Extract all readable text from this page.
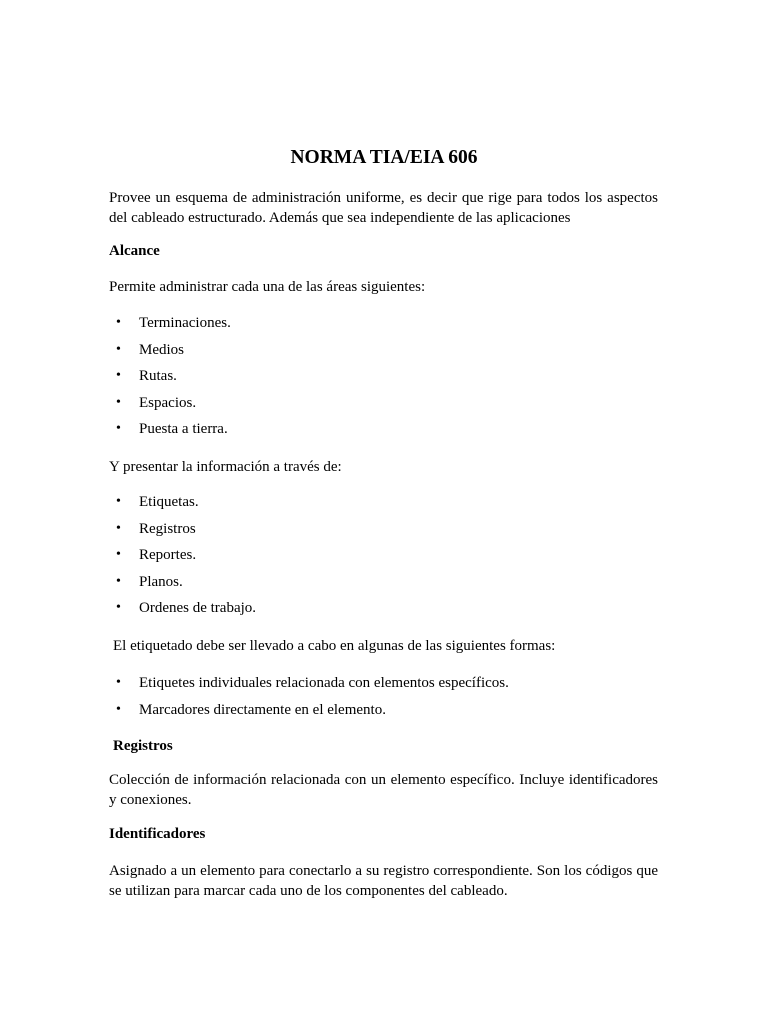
NORMA TIA/EIA 606

Provee un esquema de administración uniforme, es decir que rige para todos los aspectos del cableado estructurado. Además que sea independiente de las aplicaciones

Alcance

Permite administrar cada una de las áreas siguientes:

• Terminaciones.
• Medios
• Rutas.
• Espacios.
• Puesta a tierra.

Y presentar la información a través de:

• Etiquetas.
• Registros
• Reportes.
• Planos.
• Ordenes de trabajo.

El etiquetado debe ser llevado a cabo en algunas de las siguientes formas:

• Etiquetes individuales relacionada con elementos específicos.
• Marcadores directamente en el elemento.

Registros

Colección de información relacionada con un elemento específico. Incluye identificadores y conexiones.

Identificadores

Asignado a un elemento para conectarlo a su registro correspondiente. Son los códigos que se utilizan para marcar cada uno de los componentes del cableado.
